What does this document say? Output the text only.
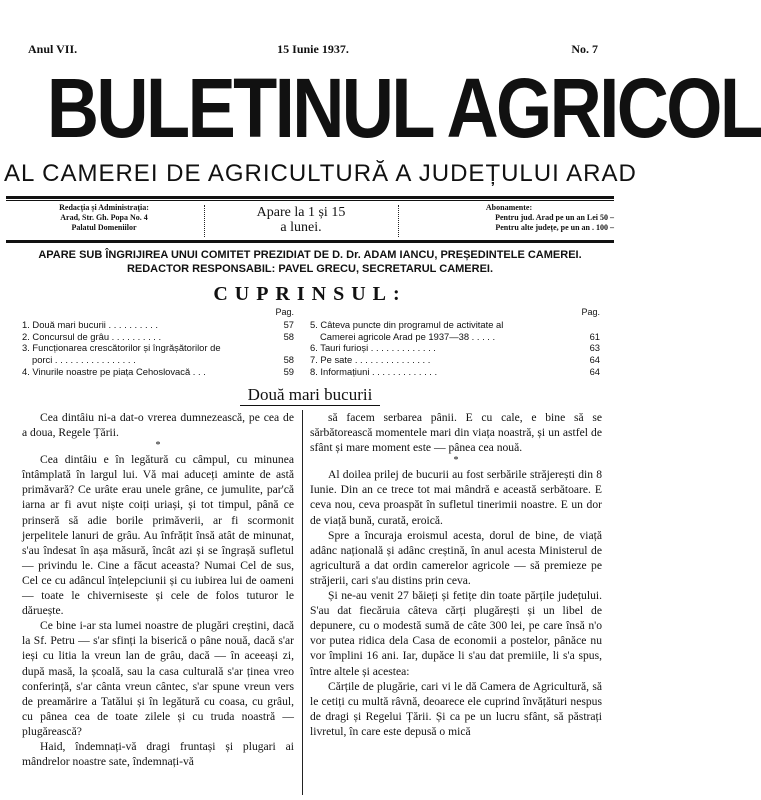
Anul VII.	15 Iunie 1937.	No. 7
BULETINUL AGRICOL
AL CAMEREI DE AGRICULTURĂ A JUDEȚULUI ARAD
Redacția și Administrația:
Arad, Str. Gh. Popa No. 4
Palatul Domeniilor
Apare la 1 și 15
a lunei.
Abonamente:
Pentru jud. Arad pe un an Lei 50 –
Pentru alte județe, pe un an . 100 –
APARE SUB ÎNGRIJIREA UNUI COMITET PREZIDIAT DE D. Dr. ADAM IANCU, PREȘEDINTELE CAMEREI. REDACTOR RESPONSABIL: PAVEL GRECU, SECRETARUL CAMEREI.
CUPRINSUL:
Pag.
1. Două mari bucurii . . . . . . . . . .	57
2. Concursul de grâu . . . . . . . . . .	58
3. Funcționarea crescătorilor și îngrășătorilor de
porci . . . . . . . . . . . . . . . .	58
4. Vinurile noastre pe piața Cehoslovacă . . .	59
Pag.
5. Câteva puncte din programul de activitate al
Camerei agricole Arad pe 1937—38 . . . . .	61
6. Tauri furioși . . . . . . . . . . . . .	63
7. Pe sate . . . . . . . . . . . . . . .	64
8. Informațiuni . . . . . . . . . . . . .	64
Două mari bucurii

Cea dintâiu ni-a dat-o vrerea dumnezească, pe cea de a doua, Regele Țării.

*

Cea dintâiu e în legătură cu câmpul, cu minunea întâmplată în largul lui. Vă mai aduceți aminte de astă primăvară? Ce urâte erau unele grâne, ce jumulite, par'că iarna ar fi avut niște coiți uriași, și tot timpul, până ce prinseră să adie borile primăverii, ar fi scormonit jerpelitele lanuri de grâu. Au înfrățit însă atât de minunat, s'au îndesat în așa măsură, încât azi și se îngrașă sufletul — privindu le. Cine a făcut aceasta? Numai Cel de sus, Cel ce cu adâncul înțelepciunii și cu iubirea lui de oameni — toate le chiverniseste și cele de folos tuturor le dăruește.

Ce bine i-ar sta lumei noastre de plugări creștini, dacă la Sf. Petru — s'ar sfinți la biserică o pâne nouă, dacă s'ar ieși cu litia la vreun lan de grâu, dacă — în aceeași zi, după masă, la școală, sau la casa culturală s'ar ținea vreo conferință, s'ar cânta vreun cântec, s'ar spune vreun vers de preamărire a Tatălui și în legătură cu coasa, cu grâul, cu pânea cea de toate zilele și cu truda noastră — plugărească?

Haid, îndemnați-vă dragi fruntași și plugari ai mândrelor noastre sate, îndemnați-vă

să facem serbarea pânii. E cu cale, e bine să se sărbătorească momentele mari din viața noastră, și un astfel de sfânt și mare moment este — pânea cea nouă.

*

Al doilea prilej de bucurii au fost serbările străjerești din 8 Iunie. Din an ce trece tot mai mândră e această serbătoare. E ceva nou, ceva proaspăt în sufletul tinerimii noastre. E un dor de viață bună, curată, eroică.

Spre a încuraja eroismul acesta, dorul de bine, de viață adânc națională și adânc creștină, în anul acesta Ministerul de agricultură a dat ordin camerelor agricole — să premieze pe străjerii, cari s'au distins prin ceva.

Și ne-au venit 27 băieți și fetițe din toate părțile județului. S'au dat fiecăruia câteva cărți plugărești și un libel de depunere, cu o modestă sumă de câte 300 lei, pe care însă n'o vor putea ridica dela Casa de economii a postelor, pânăce nu vor împlini 16 ani. Iar, dupăce li s'au dat premiile, li s'a spus, între altele și acestea:

Cărțile de plugărie, cari vi le dă Camera de Agricultură, să le cetiți cu multă râvnă, deoarece ele cuprind învățături nespus de dragi și Regelui Țării. Și ca pe un lucru sfânt, să păstrați livretul, în care este depusă o mică
